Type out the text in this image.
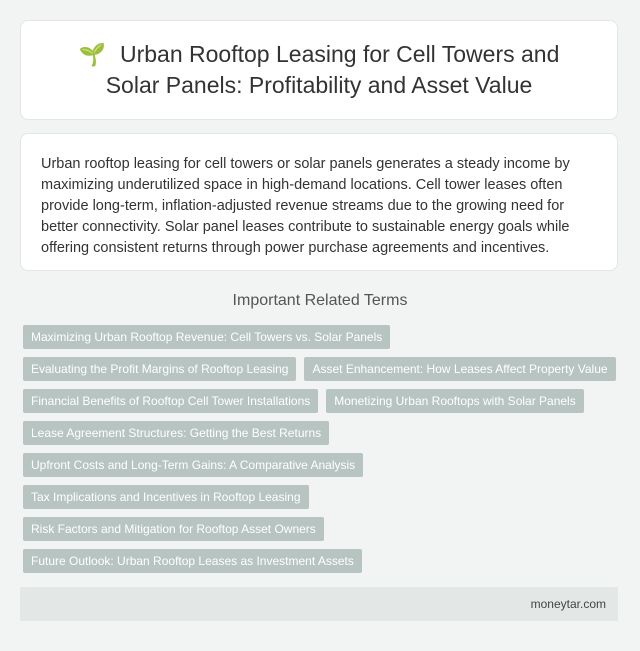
🌱 Urban Rooftop Leasing for Cell Towers and Solar Panels: Profitability and Asset Value

Urban rooftop leasing for cell towers or solar panels generates a steady income by maximizing underutilized space in high-demand locations. Cell tower leases often provide long-term, inflation-adjusted revenue streams due to the growing need for better connectivity. Solar panel leases contribute to sustainable energy goals while offering consistent returns through power purchase agreements and incentives.

Important Related Terms
Maximizing Urban Rooftop Revenue: Cell Towers vs. Solar Panels
Evaluating the Profit Margins of Rooftop Leasing	Asset Enhancement: How Leases Affect Property Value
Financial Benefits of Rooftop Cell Tower Installations	Monetizing Urban Rooftops with Solar Panels
Lease Agreement Structures: Getting the Best Returns
Upfront Costs and Long-Term Gains: A Comparative Analysis
Tax Implications and Incentives in Rooftop Leasing
Risk Factors and Mitigation for Rooftop Asset Owners
Future Outlook: Urban Rooftop Leases as Investment Assets
moneytar.com
